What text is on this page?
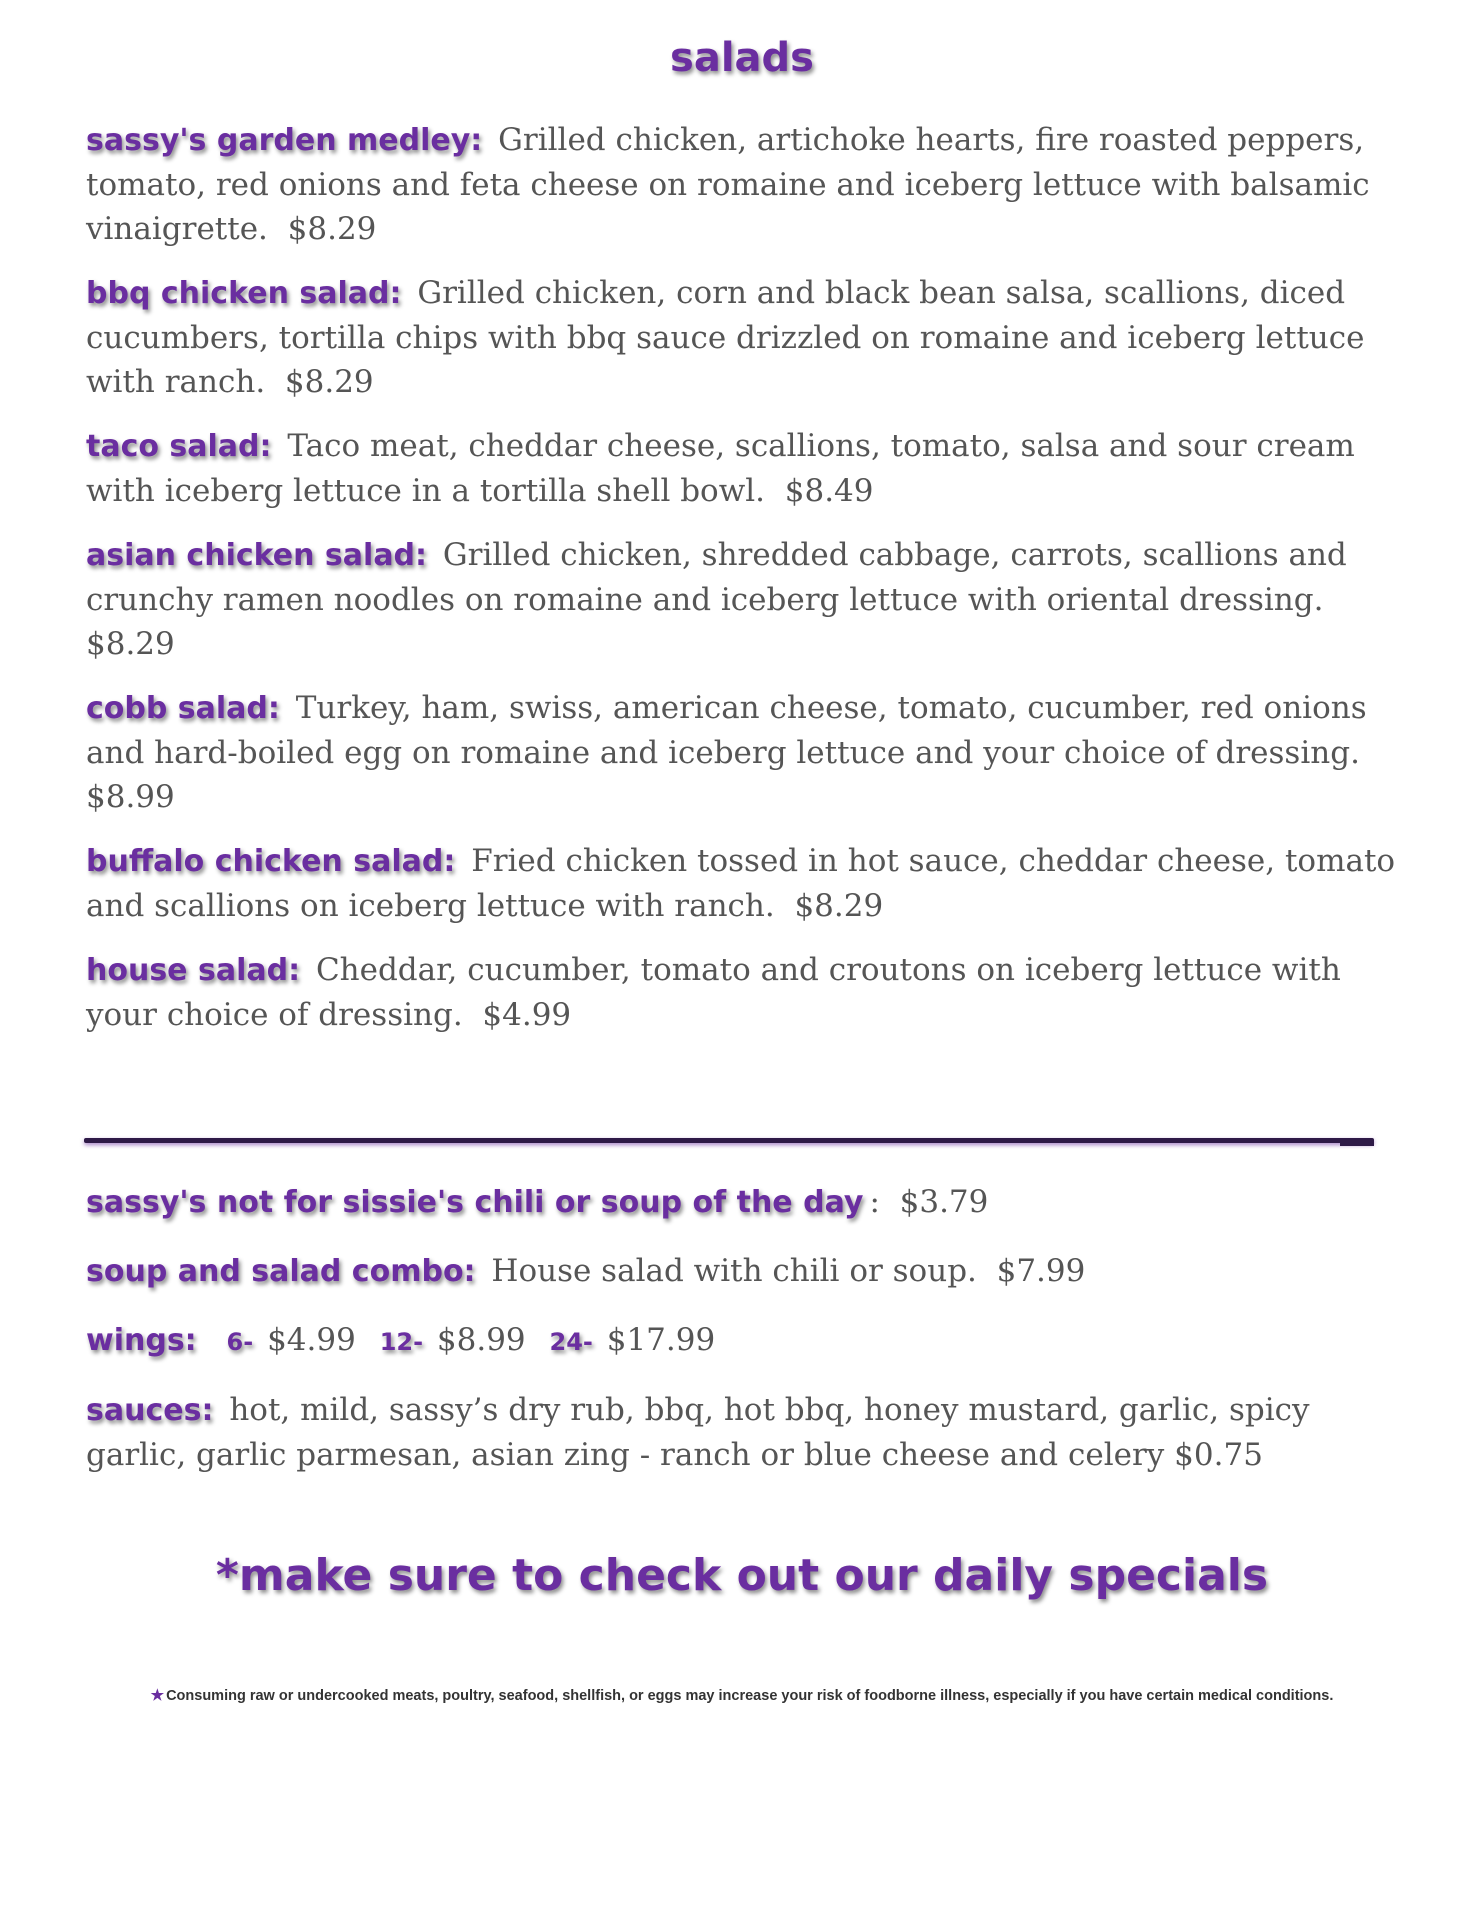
salads

sassy's garden medley: Grilled chicken, artichoke hearts, fire roasted peppers, tomato, red onions and feta cheese on romaine and iceberg lettuce with balsamic vinaigrette. $8.29

bbq chicken salad: Grilled chicken, corn and black bean salsa, scallions, diced cucumbers, tortilla chips with bbq sauce drizzled on romaine and iceberg lettuce with ranch. $8.29

taco salad: Taco meat, cheddar cheese, scallions, tomato, salsa and sour cream with iceberg lettuce in a tortilla shell bowl. $8.49

asian chicken salad: Grilled chicken, shredded cabbage, carrots, scallions and crunchy ramen noodles on romaine and iceberg lettuce with oriental dressing.  $8.29

cobb salad: Turkey, ham, swiss, american cheese, tomato, cucumber, red onions and hard-boiled egg on romaine and iceberg lettuce and your choice of dressing.  $8.99

buffalo chicken salad: Fried chicken tossed in hot sauce, cheddar cheese, tomato and scallions on iceberg lettuce with ranch. $8.29

house salad: Cheddar, cucumber, tomato and croutons on iceberg lettuce with your choice of dressing. $4.99

sassy's not for sissie's chili or soup of the day : $3.79

soup and salad combo: House salad with chili or soup. $7.99

wings: 6- $4.99 12- $8.99 24- $17.99

sauces: hot, mild, sassy’s dry rub, bbq, hot bbq, honey mustard, garlic, spicy garlic, garlic parmesan, asian zing - ranch or blue cheese and celery $0.75

*make sure to check out our daily specials

★ Consuming raw or undercooked meats, poultry, seafood, shellfish, or eggs may increase your risk of foodborne illness, especially if you have certain medical conditions.
